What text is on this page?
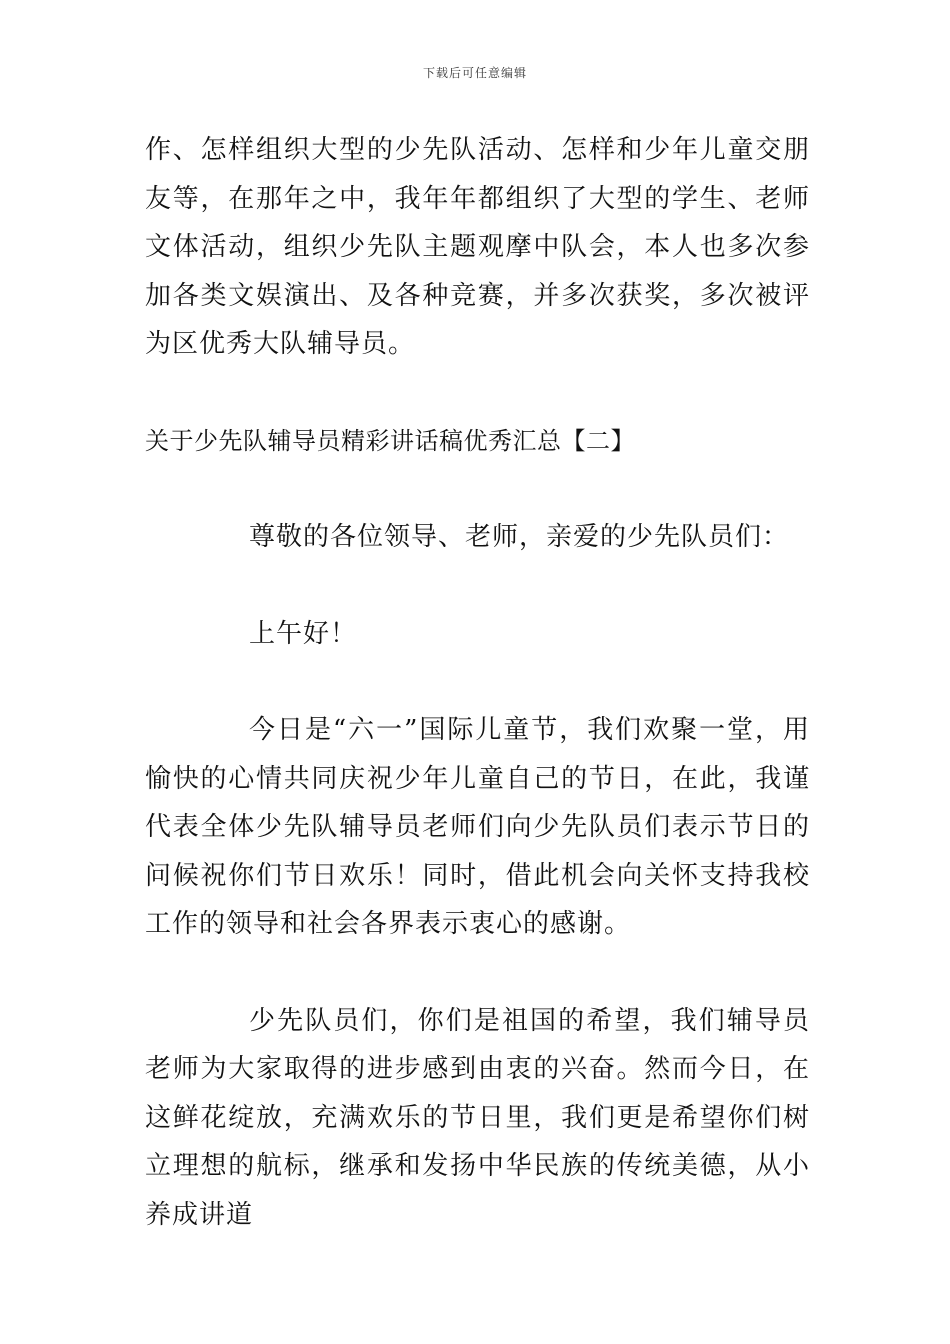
下载后可任意编辑

作、怎样组织大型的少先队活动、怎样和少年儿童交朋友等，在那年之中，我年年都组织了大型的学生、老师文体活动，组织少先队主题观摩中队会，本人也多次参加各类文娱演出、及各种竞赛，并多次获奖，多次被评为区优秀大队辅导员。

关于少先队辅导员精彩讲话稿优秀汇总【二】

尊敬的各位领导、老师，亲爱的少先队员们：

上午好！

今日是“六一”国际儿童节，我们欢聚一堂，用愉快的心情共同庆祝少年儿童自己的节日，在此，我谨代表全体少先队辅导员老师们向少先队员们表示节日的问候祝你们节日欢乐！同时，借此机会向关怀支持我校工作的领导和社会各界表示衷心的感谢。

少先队员们，你们是祖国的希望，我们辅导员老师为大家取得的进步感到由衷的兴奋。然而今日，在这鲜花绽放，充满欢乐的节日里，我们更是希望你们树立理想的航标，继承和发扬中华民族的传统美德，从小养成讲道
